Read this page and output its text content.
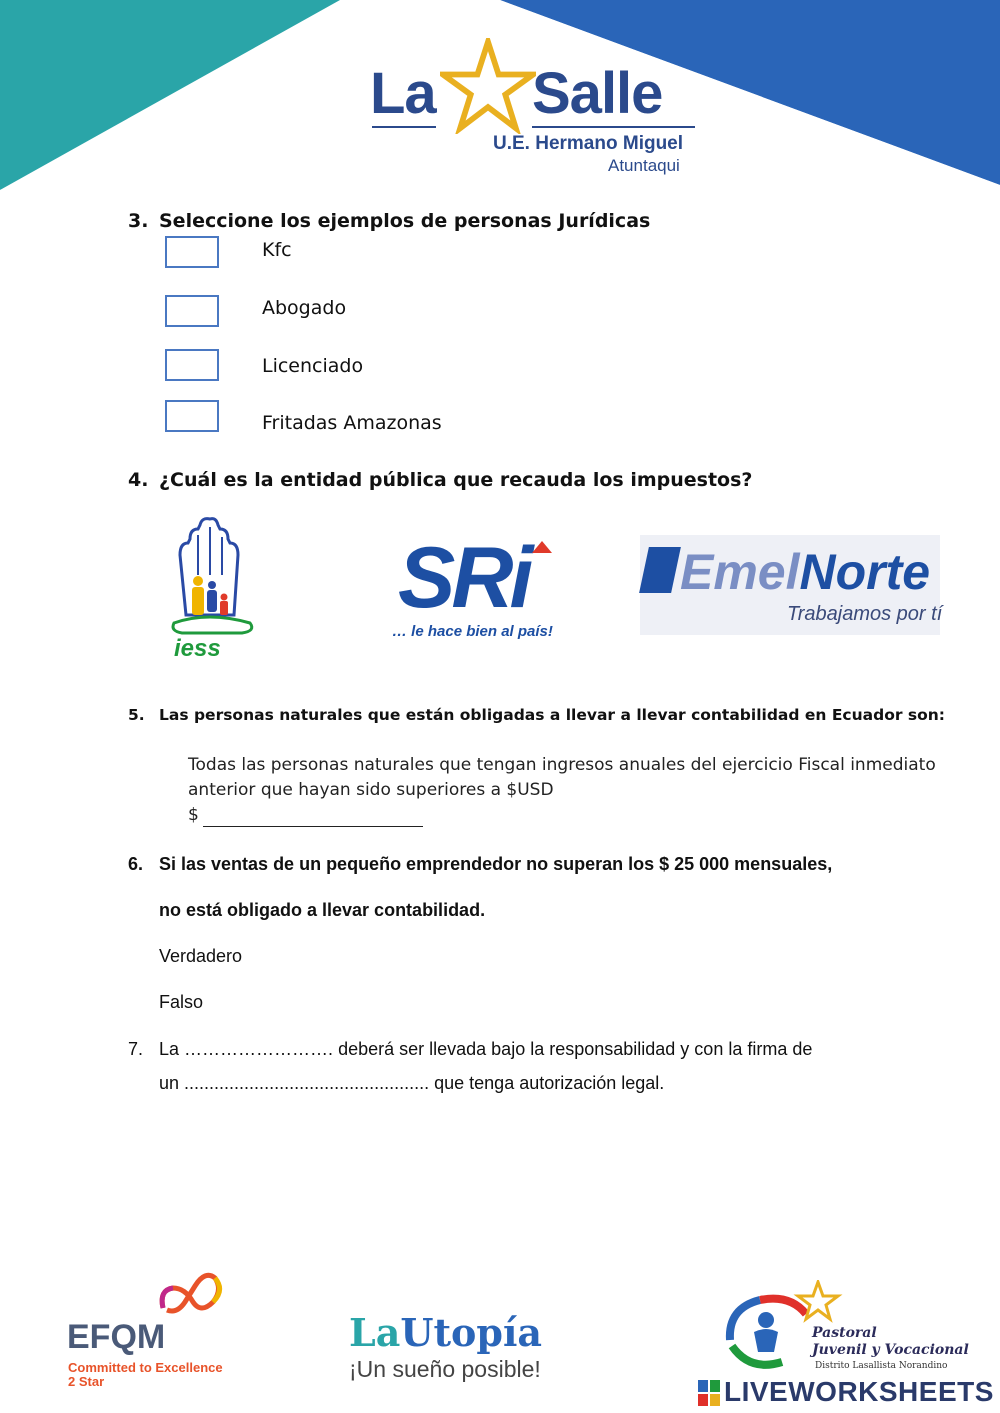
La Salle
U.E. Hermano Miguel
Atuntaqui
3. Seleccione los ejemplos de personas Jurídicas
Kfc
Abogado
Licenciado
Fritadas Amazonas
4. ¿Cuál es la entidad pública que recauda los impuestos?
iess
SRi
… le hace bien al país!
EmelNorte
Trabajamos por tí
5. Las personas naturales que están obligadas a llevar a llevar contabilidad en Ecuador son:
Todas las personas naturales que tengan ingresos anuales del ejercicio Fiscal inmediato
anterior que hayan sido superiores a $USD
$
6. Si las ventas de un pequeño emprendedor no superan los $ 25 000 mensuales,
no está obligado a llevar contabilidad.
Verdadero
Falso
7. La ……………………. deberá ser llevada bajo la responsabilidad y con la firma de
un ................................................. que tenga autorización legal.
EFQM
Committed to Excellence
2 Star
LaUtopía
¡Un sueño posible!
Pastoral
Juvenil y Vocacional
Distrito Lasallista Norandino
LIVEWORKSHEETS
